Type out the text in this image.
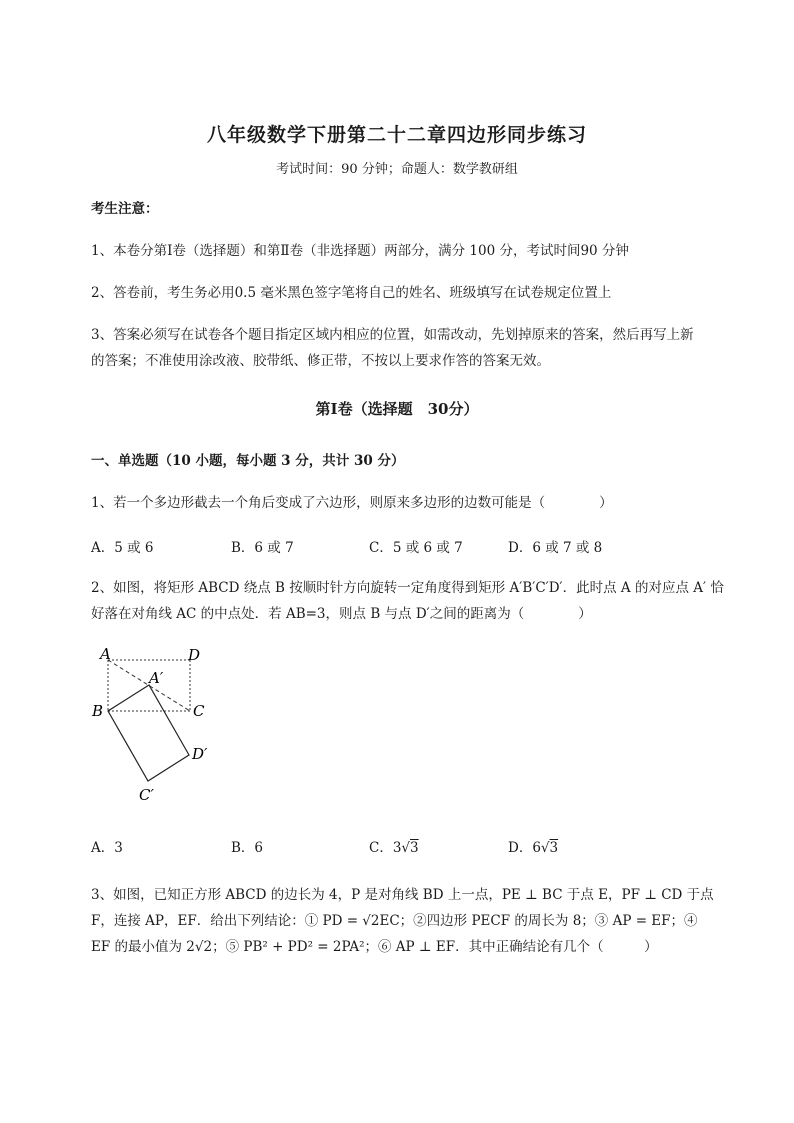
八年级数学下册第二十二章四边形同步练习
考试时间：90 分钟；命题人：数学教研组
考生注意：
1、本卷分第Ⅰ卷（选择题）和第Ⅱ卷（非选择题）两部分，满分 100 分，考试时间90 分钟
2、答卷前，考生务必用0.5 毫米黑色签字笔将自己的姓名、班级填写在试卷规定位置上
3、答案必须写在试卷各个题目指定区域内相应的位置，如需改动，先划掉原来的答案，然后再写上新
的答案；不准使用涂改液、胶带纸、修正带，不按以上要求作答的答案无效。
第Ⅰ卷（选择题　30分）
一、单选题（10 小题，每小题 3 分，共计 30 分）
1、若一个多边形截去一个角后变成了六边形，则原来多边形的边数可能是（　　　　）
A．5 或 6	B．6 或 7	C．5 或 6 或 7	D．6 或 7 或 8
2、如图，将矩形 ABCD 绕点 B 按顺时针方向旋转一定角度得到矩形 A′B′C′D′．此时点 A 的对应点 A′ 恰
好落在对角线 AC 的中点处．若 AB=3，则点 B 与点 D′之间的距离为（　　　　）
A	D
A′
B	C
D′
C′
A．3	B．6	C．3√3	D．6√3
3、如图，已知正方形 ABCD 的边长为 4，P 是对角线 BD 上一点，PE ⊥ BC 于点 E，PF ⊥ CD 于点
F，连接 AP，EF．给出下列结论：① PD = √2EC；②四边形 PECF 的周长为 8；③ AP = EF；④
EF 的最小值为 2√2；⑤ PB² + PD² = 2PA²；⑥ AP ⊥ EF．其中正确结论有几个（　　　）
